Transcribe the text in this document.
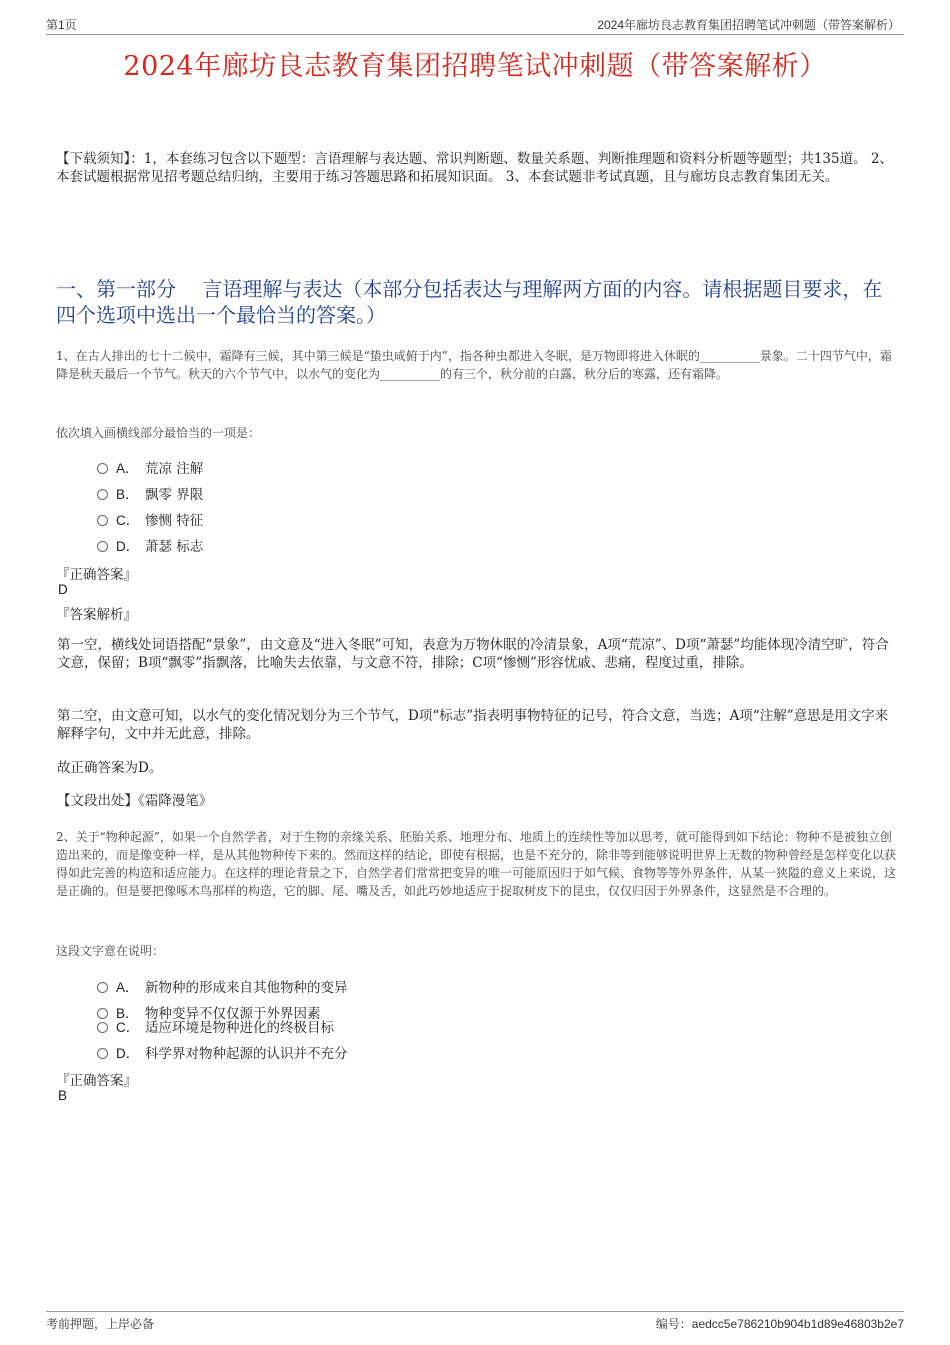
第1页	2024年廊坊良志教育集团招聘笔试冲刺题（带答案解析）
2024年廊坊良志教育集团招聘笔试冲刺题（带答案解析）
【下载须知】：1，本套练习包含以下题型：言语理解与表达题、常识判断题、数量关系题、判断推理题和资料分析题等题型；共135道。 2、本套试题根据常见招考题总结归纳，主要用于练习答题思路和拓展知识面。 3、本套试题非考试真题，且与廊坊良志教育集团无关。
一、第一部分　 言语理解与表达（本部分包括表达与理解两方面的内容。请根据题目要求，在四个选项中选出一个最恰当的答案。）
1、在古人排出的七十二候中，霜降有三候，其中第三候是“蛰虫咸俯于内”，指各种虫都进入冬眠，是万物即将进入休眠的__________景象。二十四节气中，霜降是秋天最后一个节气。秋天的六个节气中，以水气的变化为__________的有三个，秋分前的白露，秋分后的寒露，还有霜降。
依次填入画横线部分最恰当的一项是：
A． 荒凉 注解
B． 飘零 界限
C． 惨恻 特征
D． 萧瑟 标志
『正确答案』
D
『答案解析』
第一空，横线处词语搭配“景象”，由文意及“进入冬眠”可知，表意为万物休眠的冷清景象，A项“荒凉”、D项“萧瑟”均能体现冷清空旷，符合文意，保留；B项“飘零”指飘落，比喻失去依靠，与文意不符，排除；C项“惨恻”形容忧戚、悲痛，程度过重，排除。
第二空，由文意可知，以水气的变化情况划分为三个节气，D项“标志”指表明事物特征的记号，符合文意，当选；A项“注解”意思是用文字来解释字句，文中并无此意，排除。
故正确答案为D。
【文段出处】《霜降漫笔》
2、关于“物种起源”，如果一个自然学者，对于生物的亲缘关系、胚胎关系、地理分布、地质上的连续性等加以思考，就可能得到如下结论：物种不是被独立创造出来的，而是像变种一样，是从其他物种传下来的。然而这样的结论，即使有根据，也是不充分的，除非等到能够说明世界上无数的物种曾经是怎样变化以获得如此完善的构造和适应能力。在这样的理论背景之下，自然学者们常常把变异的唯一可能原因归于如气候、食物等等外界条件，从某一狭隘的意义上来说，这是正确的。但是要把像啄木鸟那样的构造，它的脚、尾、嘴及舌，如此巧妙地适应于捉取树皮下的昆虫，仅仅归因于外界条件，这显然是不合理的。
这段文字意在说明：
A． 新物种的形成来自其他物种的变异
B． 物种变异不仅仅源于外界因素
C． 适应环境是物种进化的终极目标
D． 科学界对物种起源的认识并不充分
『正确答案』
B
考前押题，上岸必备	编号：aedcc5e786210b904b1d89e46803b2e7
